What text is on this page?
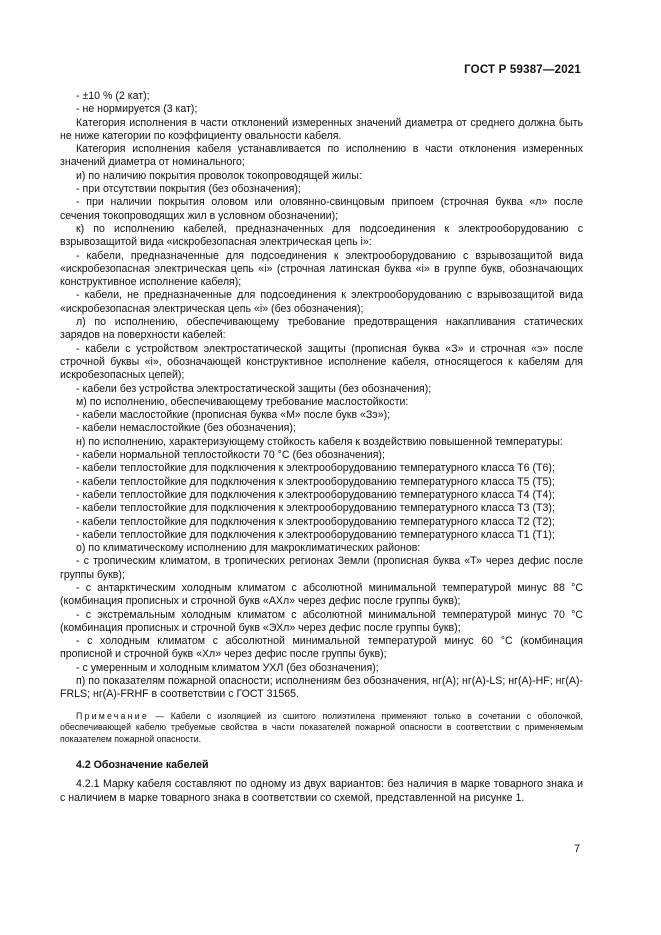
ГОСТ Р 59387—2021

- ±10 % (2 кат);

- не нормируется (3 кат);

Категория исполнения в части отклонений измеренных значений диаметра от среднего должна быть не ниже категории по коэффициенту овальности кабеля.

Категория исполнения кабеля устанавливается по исполнению в части отклонения измеренных значений диаметра от номинального;

и) по наличию покрытия проволок токопроводящей жилы:

- при отсутствии покрытия (без обозначения);

- при наличии покрытия оловом или оловянно-свинцовым припоем (строчная буква «л» после сечения токопроводящих жил в условном обозначении);

к) по исполнению кабелей, предназначенных для подсоединения к электрооборудованию с взрывозащитой вида «искробезопасная электрическая цепь i»:

- кабели, предназначенные для подсоединения к электрооборудованию с взрывозащитой вида «искробезопасная электрическая цепь «i» (строчная латинская буква «i» в группе букв, обозначающих конструктивное исполнение кабеля);

- кабели, не предназначенные для подсоединения к электрооборудованию с взрывозащитой вида «искробезопасная электрическая цепь «i» (без обозначения);

л) по исполнению, обеспечивающему требование предотвращения накапливания статических зарядов на поверхности кабелей:

- кабели с устройством электростатической защиты (прописная буква «З» и строчная «э» после строчной буквы «i», обозначающей конструктивное исполнение кабеля, относящегося к кабелям для искробезопасных цепей);

- кабели без устройства электростатической защиты (без обозначения);

м) по исполнению, обеспечивающему требование маслостойкости:

- кабели маслостойкие (прописная буква «М» после букв «Зэ»);

- кабели немаслостойкие (без обозначения);

н) по исполнению, характеризующему стойкость кабеля к воздействию повышенной температуры:

- кабели нормальной теплостойкости 70 °С (без обозначения);

- кабели теплостойкие для подключения к электрооборудованию температурного класса Т6 (Т6);

- кабели теплостойкие для подключения к электрооборудованию температурного класса Т5 (Т5);

- кабели теплостойкие для подключения к электрооборудованию температурного класса Т4 (Т4);

- кабели теплостойкие для подключения к электрооборудованию температурного класса Т3 (Т3);

- кабели теплостойкие для подключения к электрооборудованию температурного класса Т2 (Т2);

- кабели теплостойкие для подключения к электрооборудованию температурного класса Т1 (Т1);

о) по климатическому исполнению для макроклиматических районов:

- с тропическим климатом, в тропических регионах Земли (прописная буква «Т» через дефис после группы букв);

- с антарктическим холодным климатом с абсолютной минимальной температурой минус 88 °С (комбинация прописных и строчной букв «АХл» через дефис после группы букв);

- с экстремальным холодным климатом с абсолютной минимальной температурой минус 70 °С (комбинация прописных и строчной букв «ЭХл» через дефис после группы букв);

- с холодным климатом с абсолютной минимальной температурой минус 60 °С (комбинация прописной и строчной букв «Хл» через дефис после группы букв);

- с умеренным и холодным климатом УХЛ (без обозначения);

п) по показателям пожарной опасности; исполнениям без обозначения, нг(А); нг(А)-LS; нг(А)-HF; нг(А)-FRLS; нг(А)-FRHF в соответствии с ГОСТ 31565.

Примечание — Кабели с изоляцией из сшитого полиэтилена применяют только в сочетании с оболочкой, обеспечивающей кабелю требуемые свойства в части показателей пожарной опасности в соответствии с применяемым показателем пожарной опасности.
4.2 Обозначение кабелей

4.2.1 Марку кабеля составляют по одному из двух вариантов: без наличия в марке товарного знака и с наличием в марке товарного знака в соответствии со схемой, представленной на рисунке 1.

7
